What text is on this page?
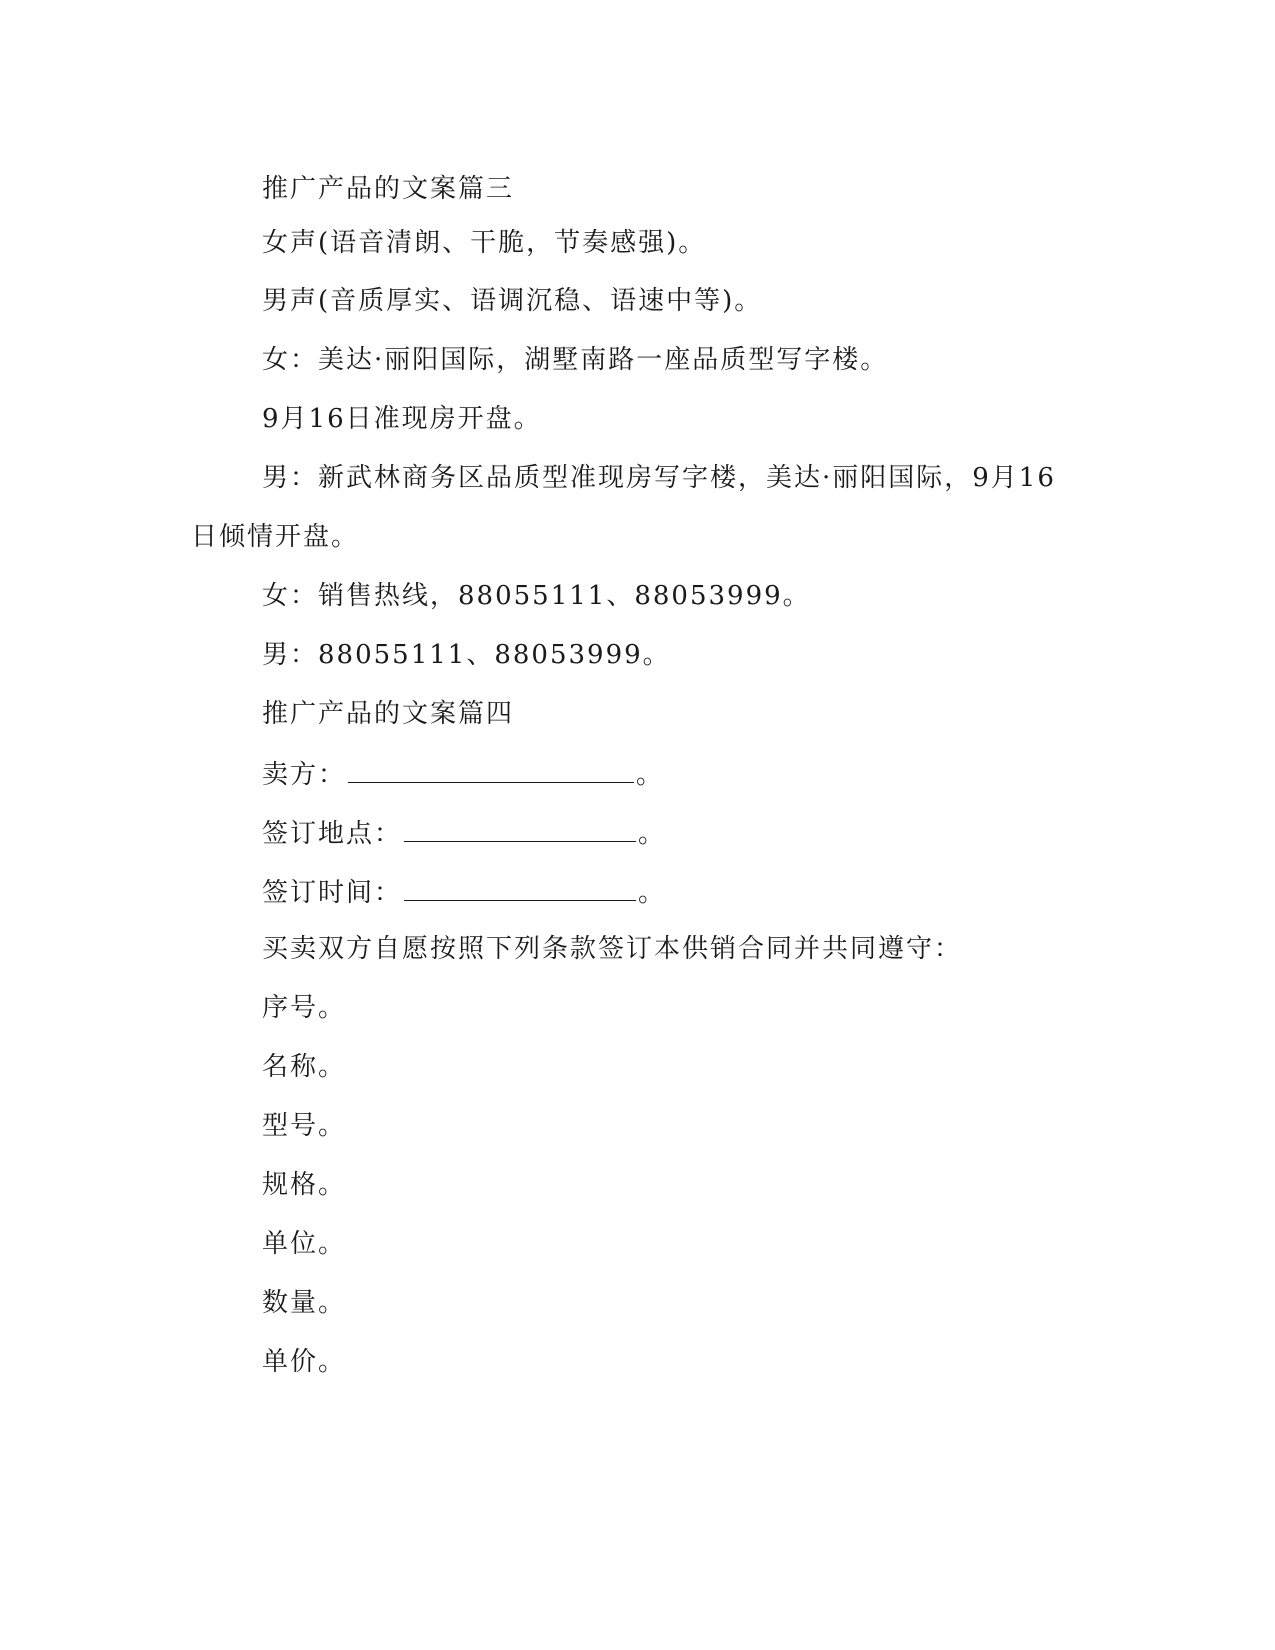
推广产品的文案篇三
女声(语音清朗、干脆，节奏感强)。
男声(音质厚实、语调沉稳、语速中等)。
女：美达·丽阳国际，湖墅南路一座品质型写字楼。
9月16日准现房开盘。
男：新武林商务区品质型准现房写字楼，美达·丽阳国际，9月16
日倾情开盘。
女：销售热线，88055111、88053999。
男：88055111、88053999。
推广产品的文案篇四
卖方：	。
签订地点：	。
签订时间：	。
买卖双方自愿按照下列条款签订本供销合同并共同遵守：
序号。
名称。
型号。
规格。
单位。
数量。
单价。
